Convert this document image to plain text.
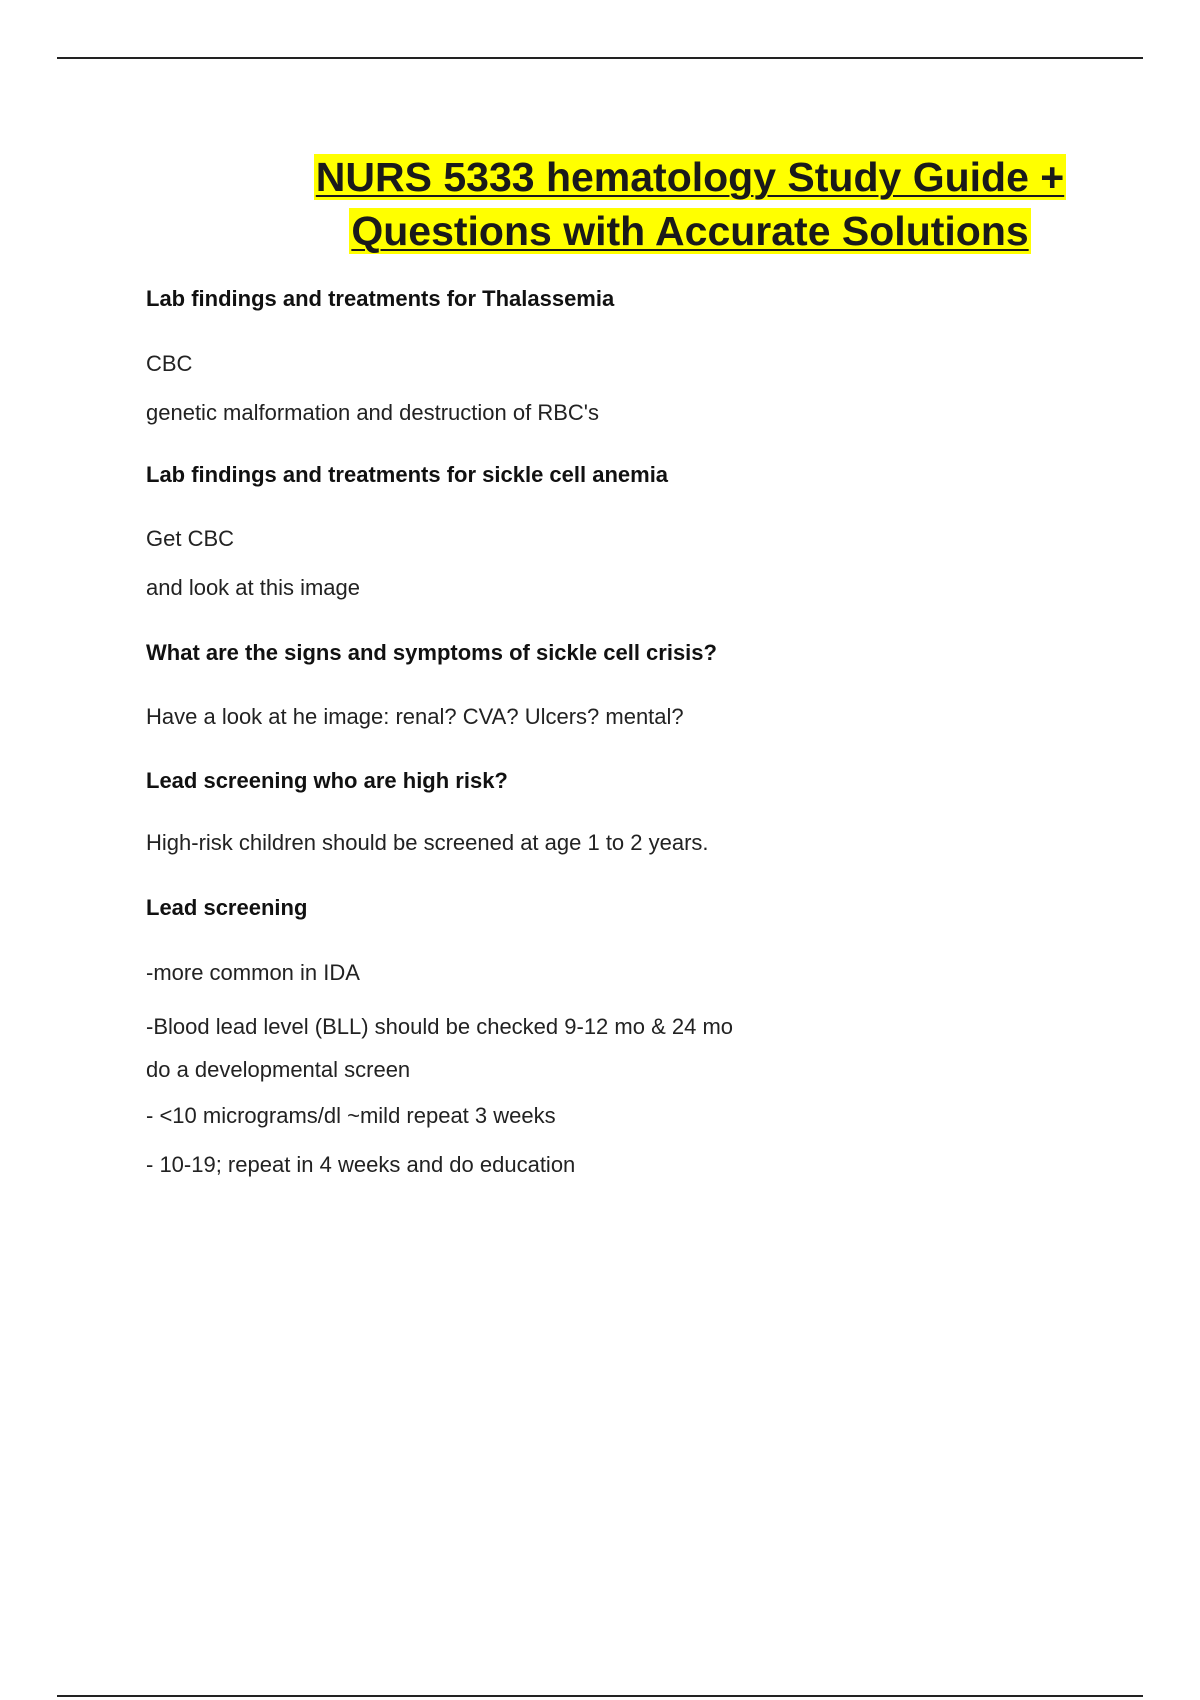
NURS 5333 hematology Study Guide +
Questions with Accurate Solutions

Lab findings and treatments for Thalassemia

CBC

genetic malformation and destruction of RBC's

Lab findings and treatments for sickle cell anemia

Get CBC

and look at this image

What are the signs and symptoms of sickle cell crisis?

Have a look at he image: renal? CVA? Ulcers? mental?

Lead screening who are high risk?

High-risk children should be screened at age 1 to 2 years.

Lead screening

-more common in IDA

-Blood lead level (BLL) should be checked 9-12 mo & 24 mo

do a developmental screen

- <10 micrograms/dl ~mild repeat 3 weeks

- 10-19; repeat in 4 weeks and do education
